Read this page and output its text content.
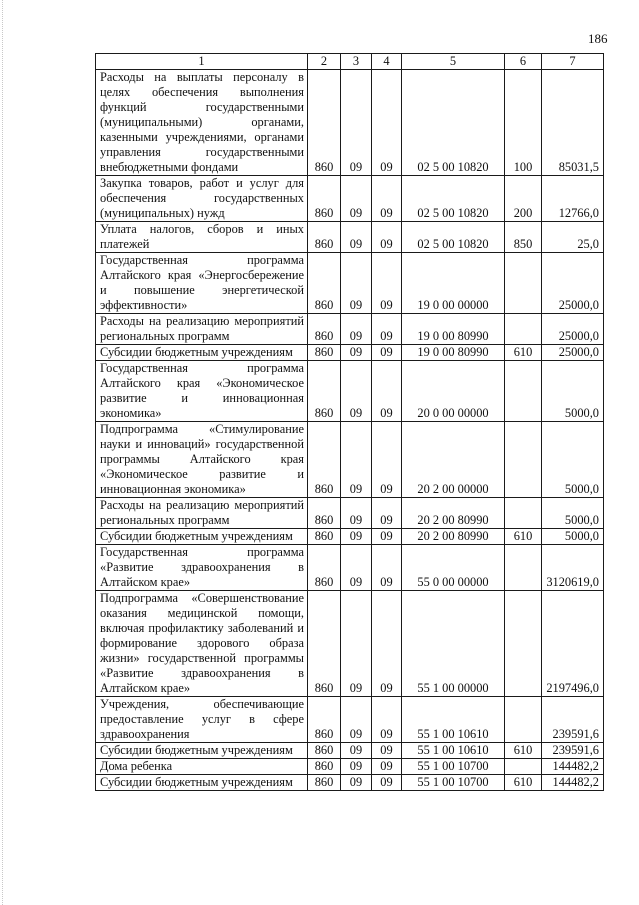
186
1	2	3	4	5	6	7
Расходы на выплаты персоналу в целях обеспечения выполнения функций государственными (муниципальными) органами, казенными учреждениями, органами управления государственными внебюджетными фондами	860	09	09	02 5 00 10820	100	85031,5
Закупка товаров, работ и услуг для обеспечения государственных (муниципальных) нужд	860	09	09	02 5 00 10820	200	12766,0
Уплата налогов, сборов и иных платежей	860	09	09	02 5 00 10820	850	25,0
Государственная программа Алтайского края «Энергосбережение и повышение энергетической эффективности»	860	09	09	19 0 00 00000		25000,0
Расходы на реализацию мероприятий региональных программ	860	09	09	19 0 00 80990		25000,0
Субсидии бюджетным учреждениям	860	09	09	19 0 00 80990	610	25000,0
Государственная программа Алтайского края «Экономическое развитие и инновационная экономика»	860	09	09	20 0 00 00000		5000,0
Подпрограмма «Стимулирование науки и инноваций» государственной программы Алтайского края «Экономическое развитие и инновационная экономика»	860	09	09	20 2 00 00000		5000,0
Расходы на реализацию мероприятий региональных программ	860	09	09	20 2 00 80990		5000,0
Субсидии бюджетным учреждениям	860	09	09	20 2 00 80990	610	5000,0
Государственная программа «Развитие здравоохранения в Алтайском крае»	860	09	09	55 0 00 00000		3120619,0
Подпрограмма «Совершенствование оказания медицинской помощи, включая профилактику заболеваний и формирование здорового образа жизни» государственной программы «Развитие здравоохранения в Алтайском крае»	860	09	09	55 1 00 00000		2197496,0
Учреждения, обеспечивающие предоставление услуг в сфере здравоохранения	860	09	09	55 1 00 10610		239591,6
Субсидии бюджетным учреждениям	860	09	09	55 1 00 10610	610	239591,6
Дома ребенка	860	09	09	55 1 00 10700		144482,2
Субсидии бюджетным учреждениям	860	09	09	55 1 00 10700	610	144482,2
